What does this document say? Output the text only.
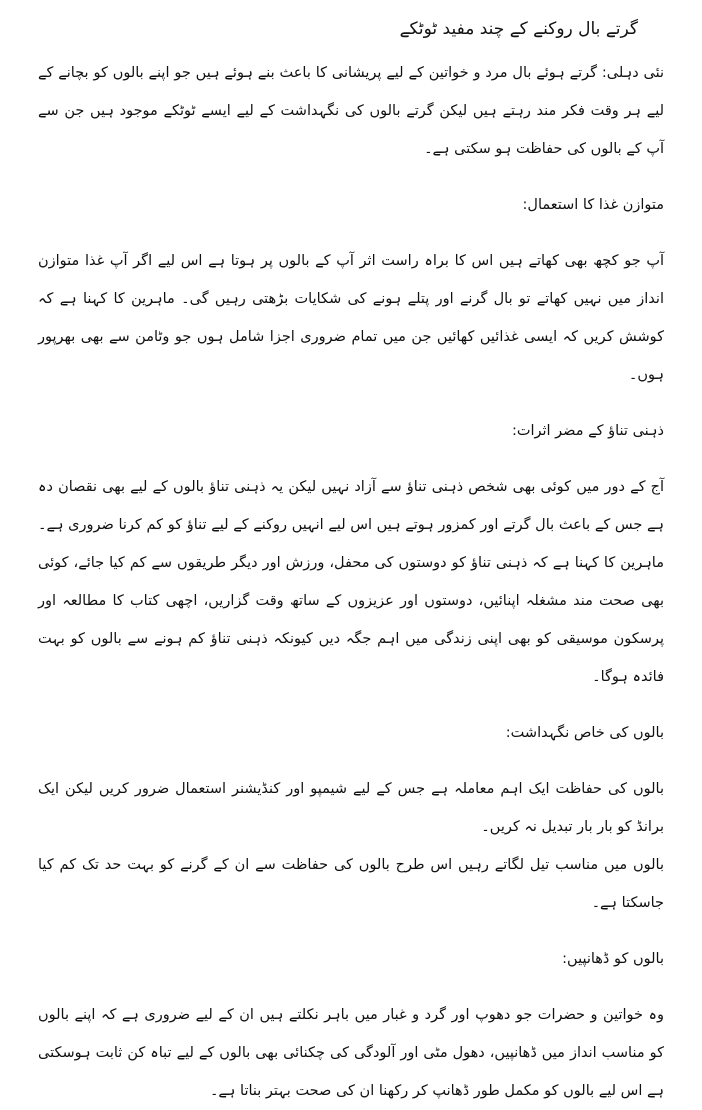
گرتے بال روکنے کے چند مفید ٹوٹکے

نئی دہلی: گرتے ہوئے بال مرد و خواتین کے لیے پریشانی کا باعث بنے ہوئے ہیں جو اپنے بالوں کو بچانے کے لیے ہر وقت فکر مند رہتے ہیں لیکن گرتے بالوں کی نگہداشت کے لیے ایسے ٹوٹکے موجود ہیں جن سے آپ کے بالوں کی حفاظت ہو سکتی ہے۔

متوازن غذا کا استعمال:

آپ جو کچھ بھی کھاتے ہیں اس کا براہ راست اثر آپ کے بالوں پر ہوتا ہے اس لیے اگر آپ غذا متوازن انداز میں نہیں کھاتے تو بال گرنے اور پتلے ہونے کی شکایات بڑھتی رہیں گی۔ ماہرین کا کہنا ہے کہ کوشش کریں کہ ایسی غذائیں کھائیں جن میں تمام ضروری اجزا شامل ہوں جو وٹامن سے بھی بھرپور ہوں۔

ذہنی تناؤ کے مضر اثرات:

آج کے دور میں کوئی بھی شخص ذہنی تناؤ سے آزاد نہیں لیکن یہ ذہنی تناؤ بالوں کے لیے بھی نقصان دہ ہے جس کے باعث بال گرتے اور کمزور ہوتے ہیں اس لیے انہیں روکنے کے لیے تناؤ کو کم کرنا ضروری ہے۔ ماہرین کا کہنا ہے کہ ذہنی تناؤ کو دوستوں کی محفل، ورزش اور دیگر طریقوں سے کم کیا جائے، کوئی بھی صحت مند مشغلہ اپنائیں، دوستوں اور عزیزوں کے ساتھ وقت گزاریں، اچھی کتاب کا مطالعہ اور پرسکون موسیقی کو بھی اپنی زندگی میں اہم جگہ دیں کیونکہ ذہنی تناؤ کم ہونے سے بالوں کو بہت فائدہ ہوگا۔

بالوں کی خاص نگہداشت:

بالوں کی حفاظت ایک اہم معاملہ ہے جس کے لیے شیمپو اور کنڈیشنر استعمال ضرور کریں لیکن ایک برانڈ کو بار بار تبدیل نہ کریں۔

بالوں میں مناسب تیل لگاتے رہیں اس طرح بالوں کی حفاظت سے ان کے گرنے کو بہت حد تک کم کیا جاسکتا ہے۔

بالوں کو ڈھانپیں:

وہ خواتین و حضرات جو دھوپ اور گرد و غبار میں باہر نکلتے ہیں ان کے لیے ضروری ہے کہ اپنے بالوں کو مناسب انداز میں ڈھانپیں، دھول مٹی اور آلودگی کی چکنائی بھی بالوں کے لیے تباہ کن ثابت ہوسکتی ہے اس لیے بالوں کو مکمل طور ڈھانپ کر رکھنا ان کی صحت بہتر بناتا ہے۔
